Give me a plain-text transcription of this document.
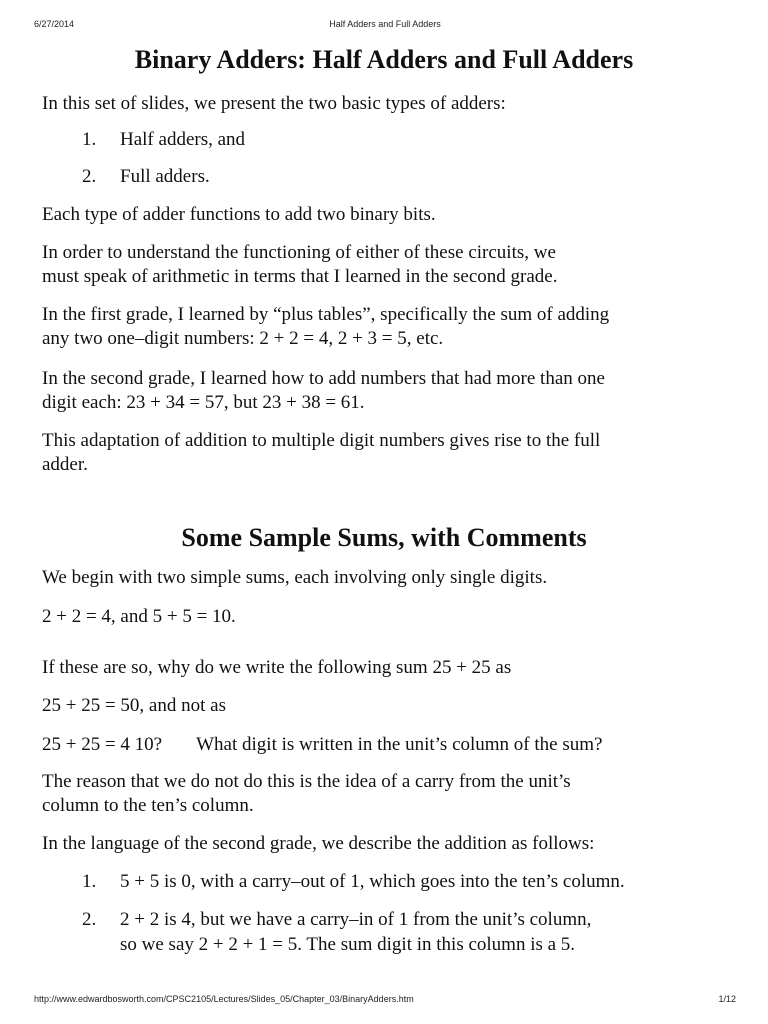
6/27/2014	Half Adders and Full Adders
Binary Adders: Half Adders and Full Adders
In this set of slides, we present the two basic types of adders:
1. Half adders, and
2. Full adders.
Each type of adder functions to add two binary bits.
In order to understand the functioning of either of these circuits, we
must speak of arithmetic in terms that I learned in the second grade.
In the first grade, I learned by “plus tables”, specifically the sum of adding
any two one–digit numbers: 2 + 2 = 4, 2 + 3 = 5, etc.
In the second grade, I learned how to add numbers that had more than one
digit each: 23 + 34 = 57, but 23 + 38 = 61.
This adaptation of addition to multiple digit numbers gives rise to the full
adder.
Some Sample Sums, with Comments
We begin with two simple sums, each involving only single digits.
2 + 2 = 4, and 5 + 5 = 10.
If these are so, why do we write the following sum 25 + 25 as
25 + 25 = 50, and not as
25 + 25 = 4 10? What digit is written in the unit’s column of the sum?
The reason that we do not do this is the idea of a carry from the unit’s
column to the ten’s column.
In the language of the second grade, we describe the addition as follows:
1. 5 + 5 is 0, with a carry–out of 1, which goes into the ten’s column.
2. 2 + 2 is 4, but we have a carry–in of 1 from the unit’s column,
so we say 2 + 2 + 1 = 5. The sum digit in this column is a 5.
http://www.edwardbosworth.com/CPSC2105/Lectures/Slides_05/Chapter_03/BinaryAdders.htm	1/12
